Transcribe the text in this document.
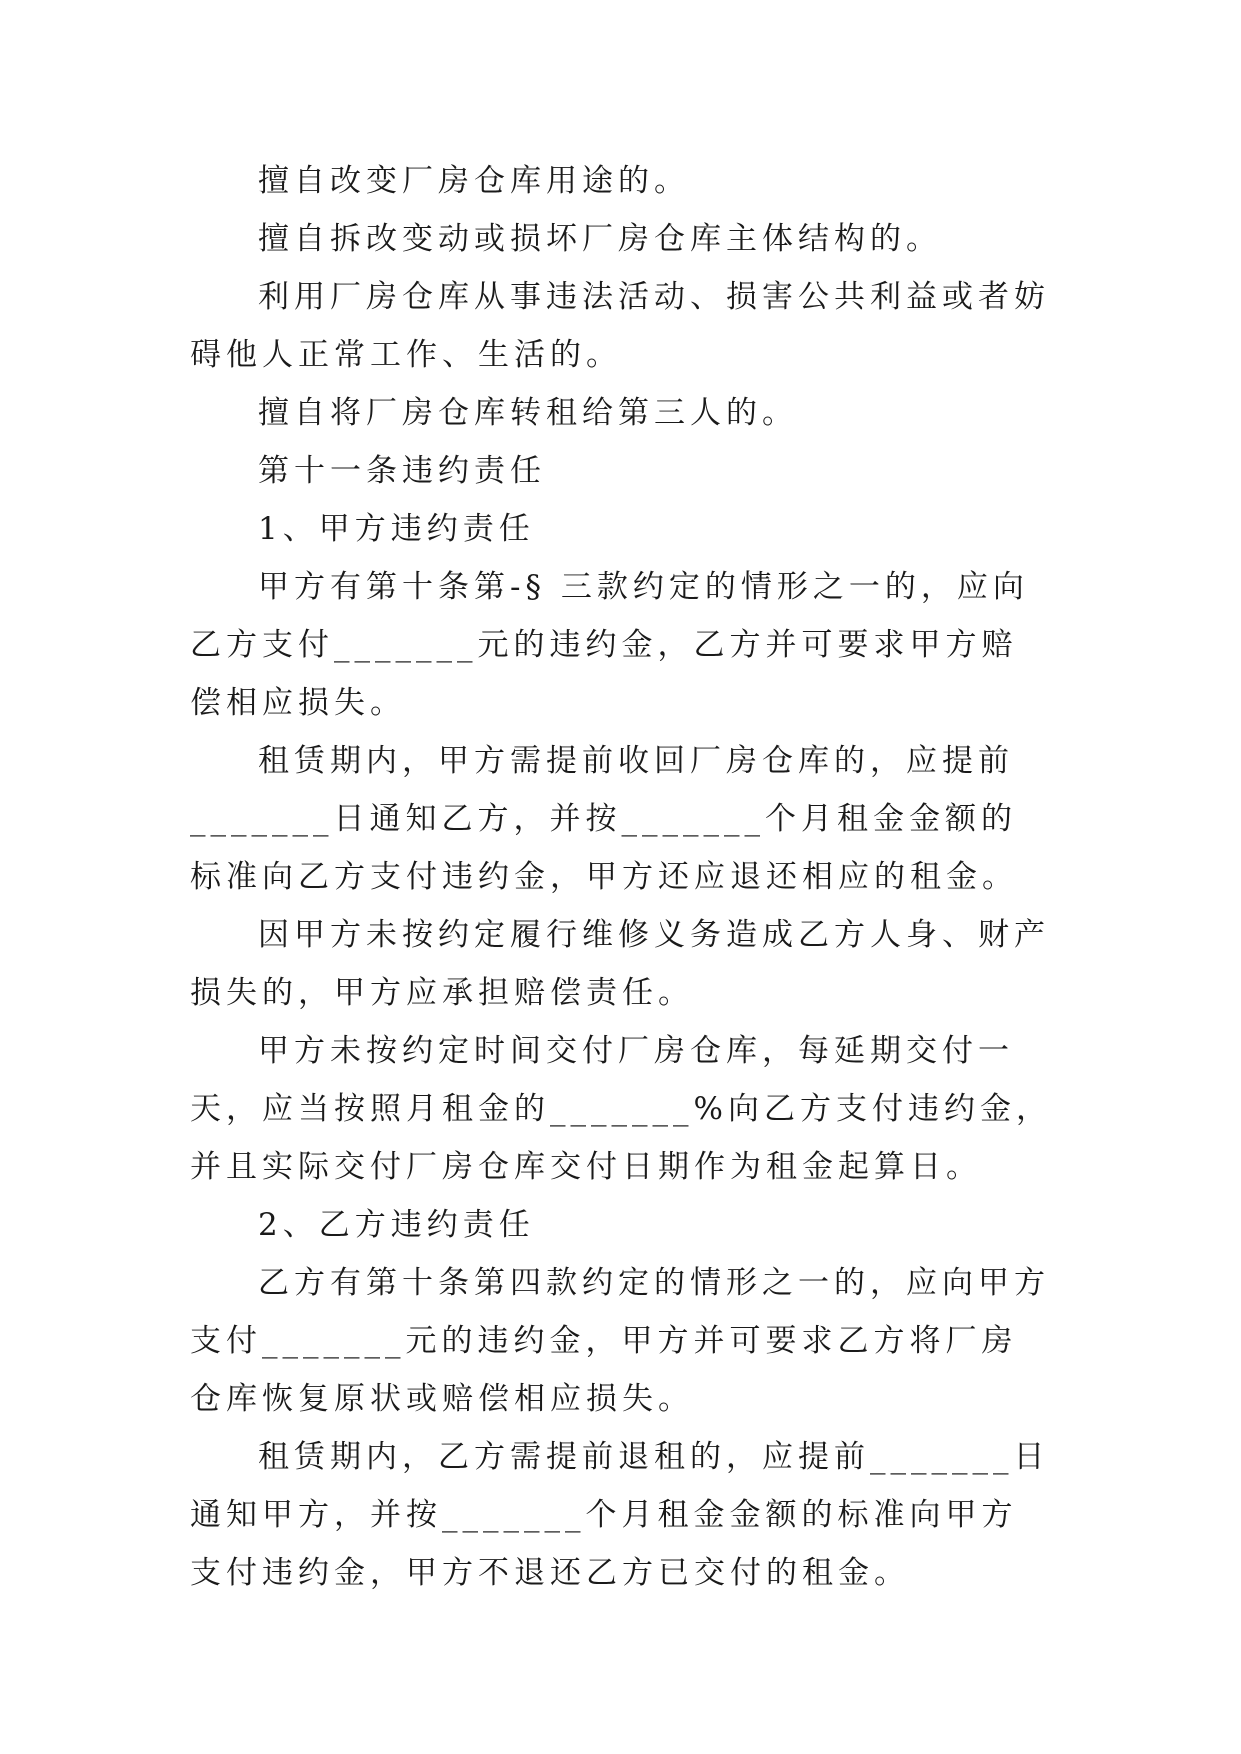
擅自改变厂房仓库用途的。

擅自拆改变动或损坏厂房仓库主体结构的。

利用厂房仓库从事违法活动、损害公共利益或者妨碍他人正常工作、生活的。

擅自将厂房仓库转租给第三人的。

第十一条违约责任

1、甲方违约责任

甲方有第十条第-§ 三款约定的情形之一的，应向乙方支付_______元的违约金，乙方并可要求甲方赔偿相应损失。

租赁期内，甲方需提前收回厂房仓库的，应提前_______日通知乙方，并按_______个月租金金额的标准向乙方支付违约金，甲方还应退还相应的租金。

因甲方未按约定履行维修义务造成乙方人身、财产损失的，甲方应承担赔偿责任。

甲方未按约定时间交付厂房仓库，每延期交付一天，应当按照月租金的_______%向乙方支付违约金，并且实际交付厂房仓库交付日期作为租金起算日。

2、乙方违约责任

乙方有第十条第四款约定的情形之一的，应向甲方支付_______元的违约金，甲方并可要求乙方将厂房仓库恢复原状或赔偿相应损失。

租赁期内，乙方需提前退租的，应提前_______日通知甲方，并按_______个月租金金额的标准向甲方支付违约金，甲方不退还乙方已交付的租金。
